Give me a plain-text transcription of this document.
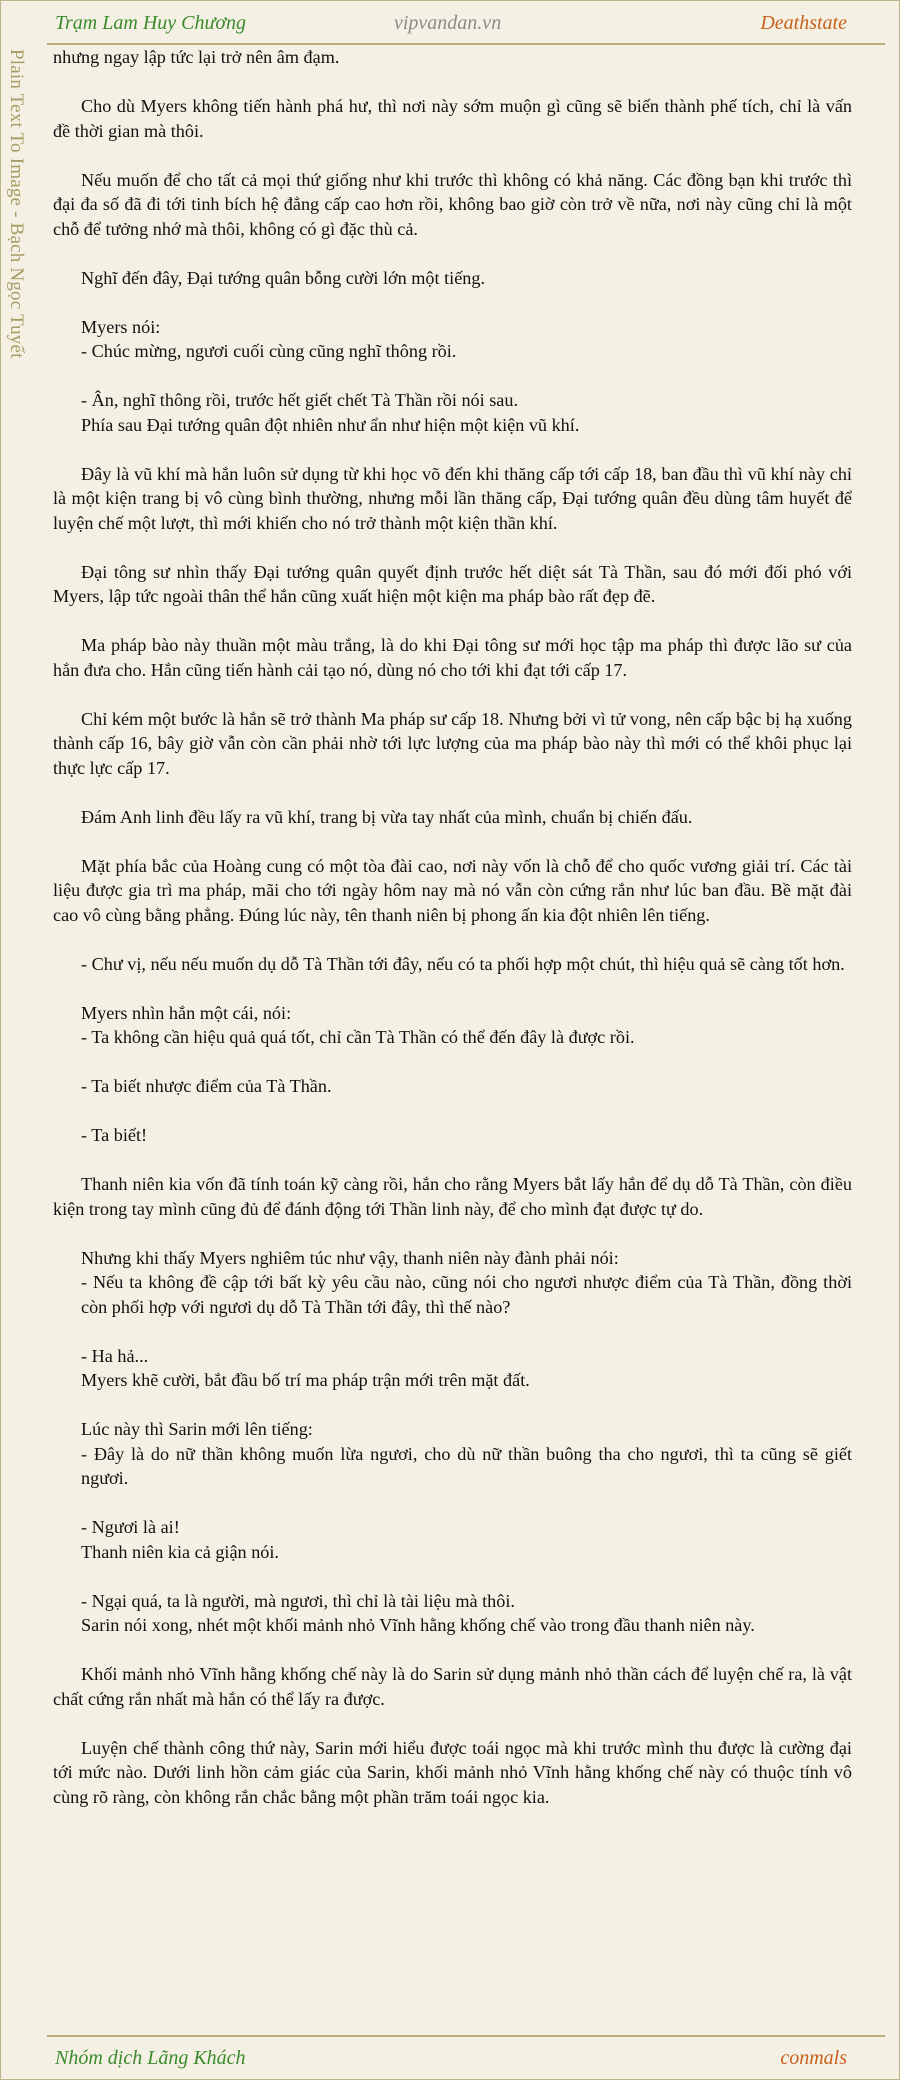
Trạm Lam Huy Chương	vipvandan.vn	Deathstate
Plain Text To Image - Bạch Ngọc Tuyết nhưng ngay lập tức lại trở nên âm đạm.

Cho dù Myers không tiến hành phá hư, thì nơi này sớm muộn gì cũng sẽ biến thành phế tích, chỉ là vấn đề thời gian mà thôi.

Nếu muốn để cho tất cả mọi thứ giống như khi trước thì không có khả năng. Các đồng bạn khi trước thì đại đa số đã đi tới tinh bích hệ đẳng cấp cao hơn rồi, không bao giờ còn trở về nữa, nơi này cũng chỉ là một chỗ để tưởng nhớ mà thôi, không có gì đặc thù cả.

Nghĩ đến đây, Đại tướng quân bỗng cười lớn một tiếng.

Myers nói:
- Chúc mừng, ngươi cuối cùng cũng nghĩ thông rồi.

- Ân, nghĩ thông rồi, trước hết giết chết Tà Thần rồi nói sau.
Phía sau Đại tướng quân đột nhiên như ẩn như hiện một kiện vũ khí.

Đây là vũ khí mà hắn luôn sử dụng từ khi học võ đến khi thăng cấp tới cấp 18, ban đầu thì vũ khí này chỉ là một kiện trang bị vô cùng bình thường, nhưng mỗi lần thăng cấp, Đại tướng quân đều dùng tâm huyết để luyện chế một lượt, thì mới khiến cho nó trở thành một kiện thần khí.

Đại tông sư nhìn thấy Đại tướng quân quyết định trước hết diệt sát Tà Thần, sau đó mới đối phó với Myers, lập tức ngoài thân thể hắn cũng xuất hiện một kiện ma pháp bào rất đẹp đẽ.

Ma pháp bào này thuần một màu trắng, là do khi Đại tông sư mới học tập ma pháp thì được lão sư của hắn đưa cho. Hắn cũng tiến hành cải tạo nó, dùng nó cho tới khi đạt tới cấp 17.

Chỉ kém một bước là hắn sẽ trở thành Ma pháp sư cấp 18. Nhưng bởi vì tử vong, nên cấp bậc bị hạ xuống thành cấp 16, bây giờ vẫn còn cần phải nhờ tới lực lượng của ma pháp bào này thì mới có thể khôi phục lại thực lực cấp 17.

Đám Anh linh đều lấy ra vũ khí, trang bị vừa tay nhất của mình, chuẩn bị chiến đấu.

Mặt phía bắc của Hoàng cung có một tòa đài cao, nơi này vốn là chỗ để cho quốc vương giải trí. Các tài liệu được gia trì ma pháp, mãi cho tới ngày hôm nay mà nó vẫn còn cứng rắn như lúc ban đầu. Bề mặt đài cao vô cùng bằng phẳng. Đúng lúc này, tên thanh niên bị phong ấn kia đột nhiên lên tiếng.

- Chư vị, nếu nếu muốn dụ dỗ Tà Thần tới đây, nếu có ta phối hợp một chút, thì hiệu quả sẽ càng tốt hơn.

Myers nhìn hắn một cái, nói:
- Ta không cần hiệu quả quá tốt, chỉ cần Tà Thần có thể đến đây là được rồi.

- Ta biết nhược điểm của Tà Thần.

- Ta biết!

Thanh niên kia vốn đã tính toán kỹ càng rồi, hắn cho rằng Myers bắt lấy hắn để dụ dỗ Tà Thần, còn điều kiện trong tay mình cũng đủ để đánh động tới Thần linh này, để cho mình đạt được tự do.

Nhưng khi thấy Myers nghiêm túc như vậy, thanh niên này đành phải nói:
- Nếu ta không đề cập tới bất kỳ yêu cầu nào, cũng nói cho ngươi nhược điểm của Tà Thần, đồng thời còn phối hợp với ngươi dụ dỗ Tà Thần tới đây, thì thế nào?

- Ha hả...
Myers khẽ cười, bắt đầu bố trí ma pháp trận mới trên mặt đất.

Lúc này thì Sarin mới lên tiếng:
- Đây là do nữ thần không muốn lừa ngươi, cho dù nữ thần buông tha cho ngươi, thì ta cũng sẽ giết ngươi.

- Ngươi là ai!
Thanh niên kia cả giận nói.

- Ngại quá, ta là người, mà ngươi, thì chỉ là tài liệu mà thôi.
Sarin nói xong, nhét một khối mảnh nhỏ Vĩnh hằng khống chế vào trong đầu thanh niên này.

Khối mảnh nhỏ Vĩnh hằng khống chế này là do Sarin sử dụng mảnh nhỏ thần cách để luyện chế ra, là vật chất cứng rắn nhất mà hắn có thể lấy ra được.

Luyện chế thành công thứ này, Sarin mới hiểu được toái ngọc mà khi trước mình thu được là cường đại tới mức nào. Dưới linh hồn cảm giác của Sarin, khối mảnh nhỏ Vĩnh hằng khống chế này có thuộc tính vô cùng rõ ràng, còn không rắn chắc bằng một phần trăm toái ngọc kia.

Nhóm dịch Lãng Khách	conmals
